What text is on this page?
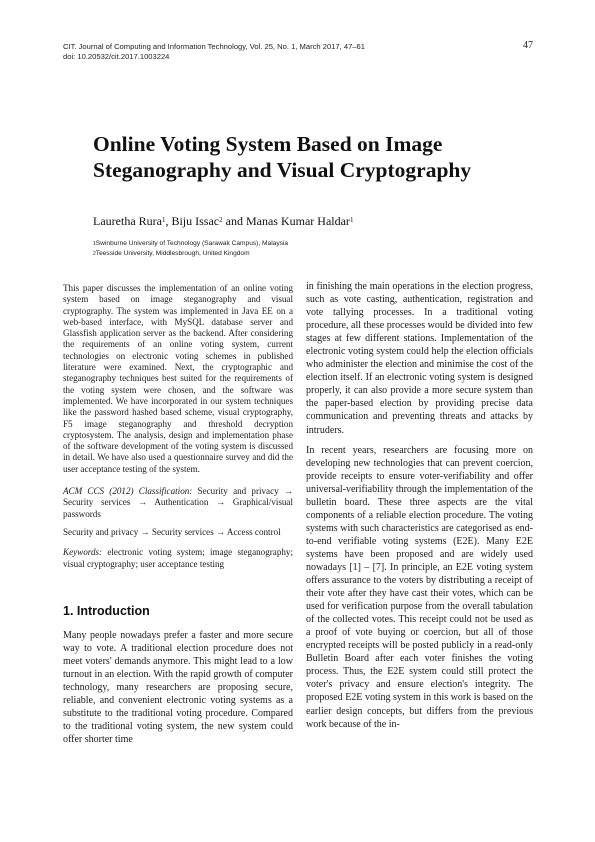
CIT. Journal of Computing and Information Technology, Vol. 25, No. 1, March 2017, 47–61
doi: 10.20532/cit.2017.1003224
47
Online Voting System Based on Image Steganography and Visual Cryptography
Lauretha Rura$^1$, Biju Issac$^2$ and Manas Kumar Haldar$^1$
$^1$Swinburne University of Technology (Sarawak Campus), Malaysia
$^2$Teesside University, Middlesbrough, United Kingdom

This paper discusses the implementation of an online voting system based on image steganography and visual cryptography. The system was implemented in Java EE on a web-based interface, with MySQL database server and Glassfish application server as the backend. After considering the requirements of an online voting system, current technologies on electronic voting schemes in published literature were examined. Next, the cryptographic and steganography techniques best suited for the requirements of the voting system were chosen, and the software was implemented. We have incorporated in our system techniques like the password hashed based scheme, visual cryptography, F5 image steganography and threshold decryption cryptosystem. The analysis, design and implementation phase of the software development of the voting system is discussed in detail. We have also used a questionnaire survey and did the user acceptance testing of the system.

ACM CCS (2012) Classification: Security and privacy → Security services → Authentication → Graphical/visual passwords

Security and privacy → Security services → Access control

Keywords: electronic voting system; image steganography; visual cryptography; user acceptance testing

1. Introduction

Many people nowadays prefer a faster and more secure way to vote. A traditional election procedure does not meet voters' demands anymore. This might lead to a low turnout in an election. With the rapid growth of computer technology, many researchers are proposing secure, reliable, and convenient electronic voting systems as a substitute to the traditional voting procedure. Compared to the traditional voting system, the new system could offer shorter time

in finishing the main operations in the election progress, such as vote casting, authentication, registration and vote tallying processes. In a traditional voting procedure, all these processes would be divided into few stages at few different stations. Implementation of the electronic voting system could help the election officials who administer the election and minimise the cost of the election itself. If an electronic voting system is designed properly, it can also provide a more secure system than the paper-based election by providing precise data communication and preventing threats and attacks by intruders.

In recent years, researchers are focusing more on developing new technologies that can prevent coercion, provide receipts to ensure voter-verifiability and offer universal-verifiability through the implementation of the bulletin board. These three aspects are the vital components of a reliable election procedure. The voting systems with such characteristics are categorised as end-to-end verifiable voting systems (E2E). Many E2E systems have been proposed and are widely used nowadays [1] – [7]. In principle, an E2E voting system offers assurance to the voters by distributing a receipt of their vote after they have cast their votes, which can be used for verification purpose from the overall tabulation of the collected votes. This receipt could not be used as a proof of vote buying or coercion, but all of those encrypted receipts will be posted publicly in a read-only Bulletin Board after each voter finishes the voting process. Thus, the E2E system could still protect the voter's privacy and ensure election's integrity. The proposed E2E voting system in this work is based on the earlier design concepts, but differs from the previous work because of the in-
